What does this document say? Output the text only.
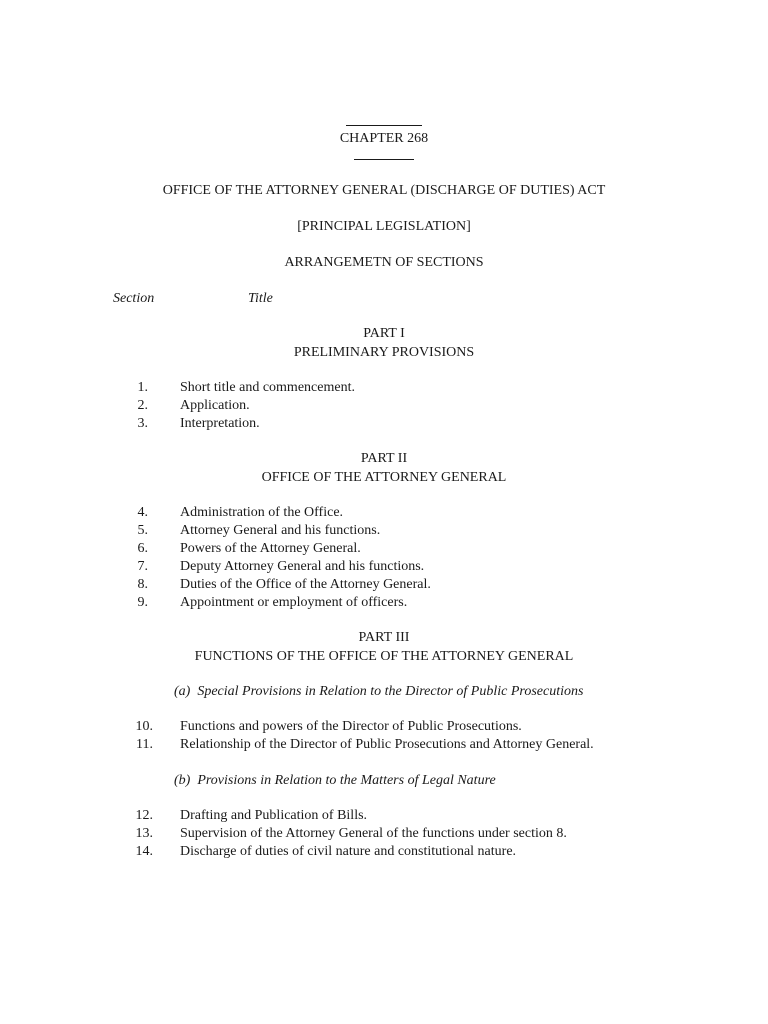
CHAPTER 268
OFFICE OF THE ATTORNEY GENERAL (DISCHARGE OF DUTIES) ACT
[PRINCIPAL LEGISLATION]
ARRANGEMETN OF SECTIONS
Section	Title
PART I
PRELIMINARY PROVISIONS
1. Short title and commencement.
2. Application.
3. Interpretation.
PART II
OFFICE OF THE ATTORNEY GENERAL
4. Administration of the Office.
5. Attorney General and his functions.
6. Powers of the Attorney General.
7. Deputy Attorney General and his functions.
8. Duties of the Office of the Attorney General.
9. Appointment or employment of officers.
PART III
FUNCTIONS OF THE OFFICE OF THE ATTORNEY GENERAL
(a)  Special Provisions in Relation to the Director of Public Prosecutions
10. Functions and powers of the Director of Public Prosecutions.
11. Relationship of the Director of Public Prosecutions and Attorney General.
(b)  Provisions in Relation to the Matters of Legal Nature
12. Drafting and Publication of Bills.
13. Supervision of the Attorney General of the functions under section 8.
14. Discharge of duties of civil nature and constitutional nature.
